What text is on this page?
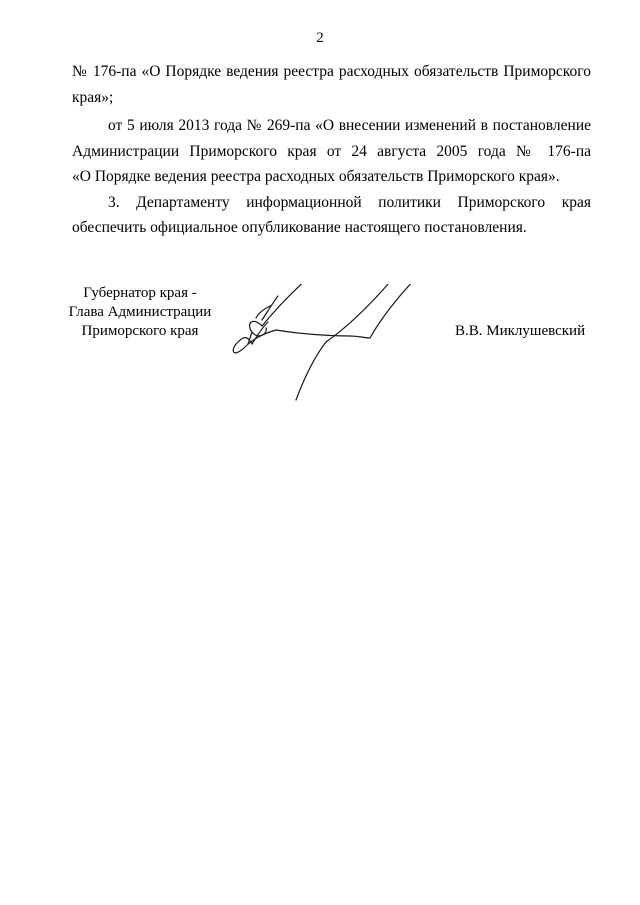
2
№ 176-па «О Порядке ведения реестра расходных обязательств Приморского
края»;
от 5 июля 2013 года № 269-па «О внесении изменений в постановление
Администрации Приморского края от 24 августа 2005 года № 176-па
«О Порядке ведения реестра расходных обязательств Приморского края».
3. Департаменту информационной политики Приморского края
обеспечить официальное опубликование настоящего постановления.
Губернатор края -
Глава Администрации
Приморского края	В.В. Миклушевский
